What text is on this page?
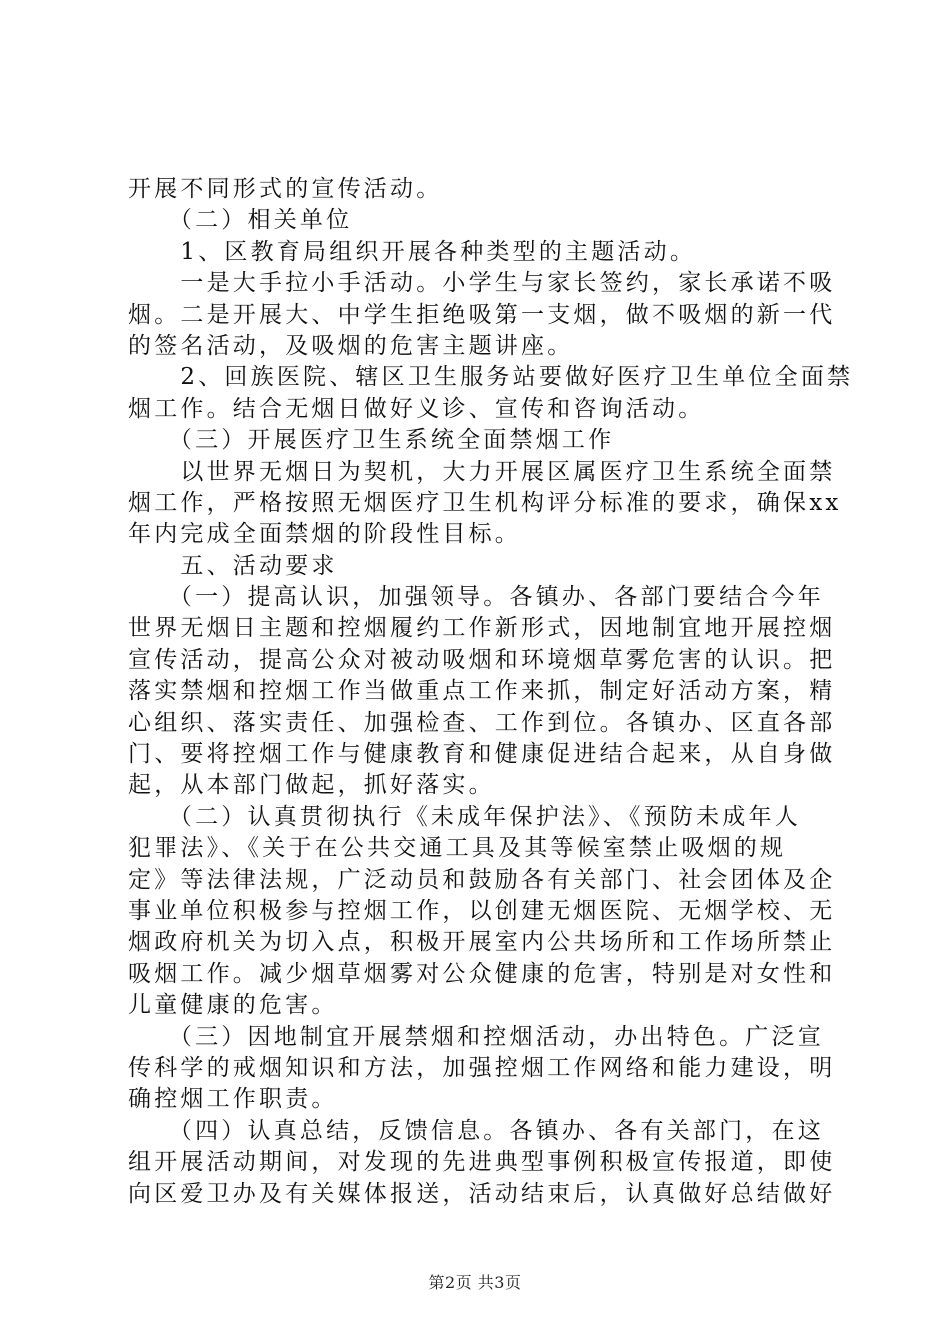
开展不同形式的宣传活动。
　　（二）相关单位
　　1、区教育局组织开展各种类型的主题活动。
　　一是大手拉小手活动。小学生与家长签约，家长承诺不吸
烟。二是开展大、中学生拒绝吸第一支烟，做不吸烟的新一代
的签名活动，及吸烟的危害主题讲座。
　　2、回族医院、辖区卫生服务站要做好医疗卫生单位全面禁
烟工作。结合无烟日做好义诊、宣传和咨询活动。
　　（三）开展医疗卫生系统全面禁烟工作
　　以世界无烟日为契机，大力开展区属医疗卫生系统全面禁
烟工作，严格按照无烟医疗卫生机构评分标准的要求，确保xx
年内完成全面禁烟的阶段性目标。
　　五、活动要求
　　（一）提高认识，加强领导。各镇办、各部门要结合今年
世界无烟日主题和控烟履约工作新形式，因地制宜地开展控烟
宣传活动，提高公众对被动吸烟和环境烟草雾危害的认识。把
落实禁烟和控烟工作当做重点工作来抓，制定好活动方案，精
心组织、落实责任、加强检查、工作到位。各镇办、区直各部
门、要将控烟工作与健康教育和健康促进结合起来，从自身做
起，从本部门做起，抓好落实。
　　（二）认真贯彻执行《未成年保护法》、《预防未成年人
犯罪法》、《关于在公共交通工具及其等候室禁止吸烟的规
定》等法律法规，广泛动员和鼓励各有关部门、社会团体及企
事业单位积极参与控烟工作，以创建无烟医院、无烟学校、无
烟政府机关为切入点，积极开展室内公共场所和工作场所禁止
吸烟工作。减少烟草烟雾对公众健康的危害，特别是对女性和
儿童健康的危害。
　　（三）因地制宜开展禁烟和控烟活动，办出特色。广泛宣
传科学的戒烟知识和方法，加强控烟工作网络和能力建设，明
确控烟工作职责。
　　（四）认真总结，反馈信息。各镇办、各有关部门，在这
组开展活动期间，对发现的先进典型事例积极宣传报道，即使
向区爱卫办及有关媒体报送，活动结束后，认真做好总结做好
第2页 共3页
